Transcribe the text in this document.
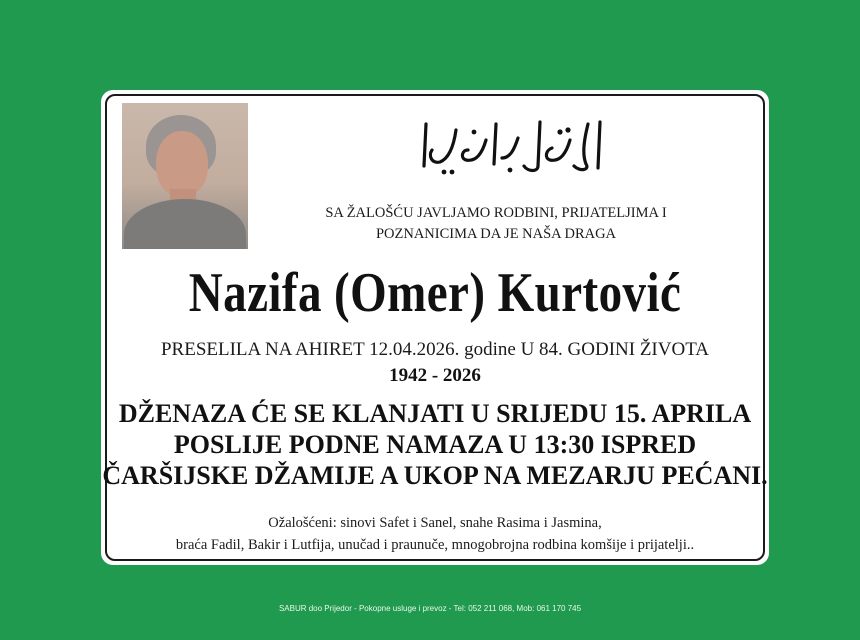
SA ŽALOŠĆU JAVLJAMO RODBINI, PRIJATELJIMA I
POZNANICIMA DA JE NAŠA DRAGA
Nazifa (Omer) Kurtović
PRESELILA NA AHIRET 12.04.2026. godine U 84. GODINI ŽIVOTA
1942 - 2026
DŽENAZA ĆE SE KLANJATI U SRIJEDU 15. APRILA
POSLIJE PODNE NAMAZA U 13:30 ISPRED
ČARŠIJSKE DŽAMIJE A UKOP NA MEZARJU PEĆANI.
Ožalošćeni: sinovi Safet i Sanel, snahe Rasima i Jasmina,
braća Fadil, Bakir i Lutfija, unučad i praunuče, mnogobrojna rodbina komšije i prijatelji..
SABUR doo Prijedor - Pokopne usluge i prevoz - Tel: 052 211 068, Mob: 061 170 745
